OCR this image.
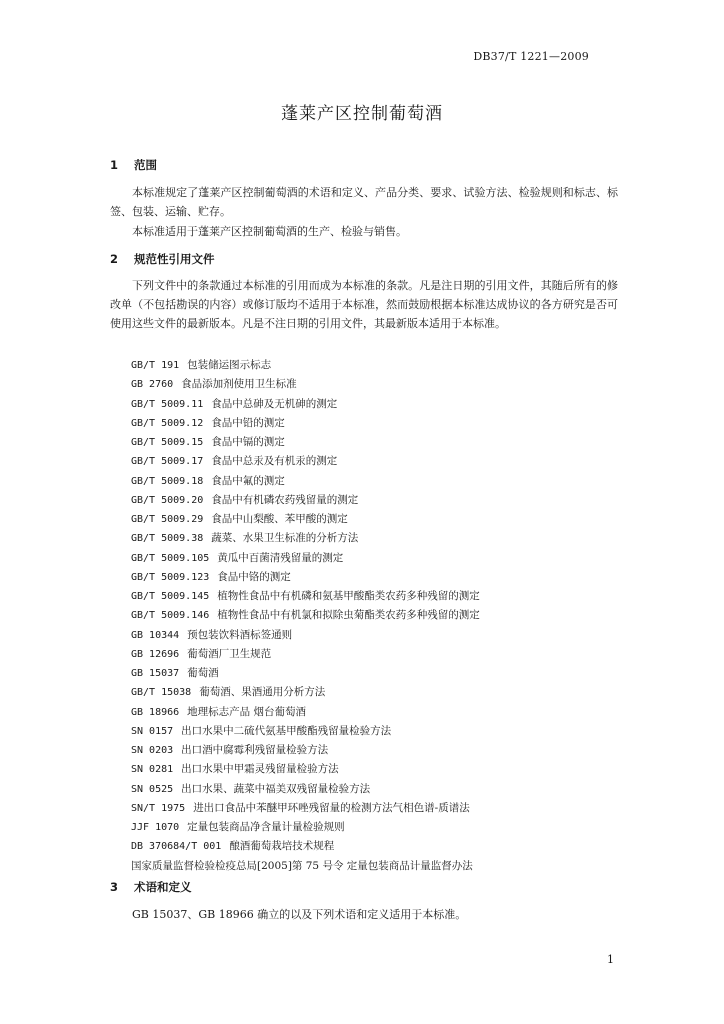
DB37/T 1221—2009
蓬莱产区控制葡萄酒
1 范围
本标准规定了蓬莱产区控制葡萄酒的术语和定义、产品分类、要求、试验方法、检验规则和标志、标签、包装、运输、贮存。
本标准适用于蓬莱产区控制葡萄酒的生产、检验与销售。
2 规范性引用文件
下列文件中的条款通过本标准的引用而成为本标准的条款。凡是注日期的引用文件，其随后所有的修改单（不包括勘误的内容）或修订版均不适用于本标准，然而鼓励根据本标准达成协议的各方研究是否可使用这些文件的最新版本。凡是不注日期的引用文件，其最新版本适用于本标准。
GB/T 191 包装储运图示标志
GB 2760 食品添加剂使用卫生标准
GB/T 5009.11 食品中总砷及无机砷的测定
GB/T 5009.12 食品中铅的测定
GB/T 5009.15 食品中镉的测定
GB/T 5009.17 食品中总汞及有机汞的测定
GB/T 5009.18 食品中氟的测定
GB/T 5009.20 食品中有机磷农药残留量的测定
GB/T 5009.29 食品中山梨酸、苯甲酸的测定
GB/T 5009.38 蔬菜、水果卫生标准的分析方法
GB/T 5009.105 黄瓜中百菌清残留量的测定
GB/T 5009.123 食品中铬的测定
GB/T 5009.145 植物性食品中有机磷和氨基甲酸酯类农药多种残留的测定
GB/T 5009.146 植物性食品中有机氯和拟除虫菊酯类农药多种残留的测定
GB 10344 预包装饮料酒标签通则
GB 12696 葡萄酒厂卫生规范
GB 15037 葡萄酒
GB/T 15038 葡萄酒、果酒通用分析方法
GB 18966 地理标志产品 烟台葡萄酒
SN 0157 出口水果中二硫代氨基甲酸酯残留量检验方法
SN 0203 出口酒中腐霉利残留量检验方法
SN 0281 出口水果中甲霜灵残留量检验方法
SN 0525 出口水果、蔬菜中福美双残留量检验方法
SN/T 1975 进出口食品中苯醚甲环唑残留量的检测方法气相色谱-质谱法
JJF 1070 定量包装商品净含量计量检验规则
DB 370684/T 001 酿酒葡萄栽培技术规程
国家质量监督检验检疫总局[2005]第 75 号令 定量包装商品计量监督办法
3 术语和定义
GB 15037、GB 18966 确立的以及下列术语和定义适用于本标准。
1
